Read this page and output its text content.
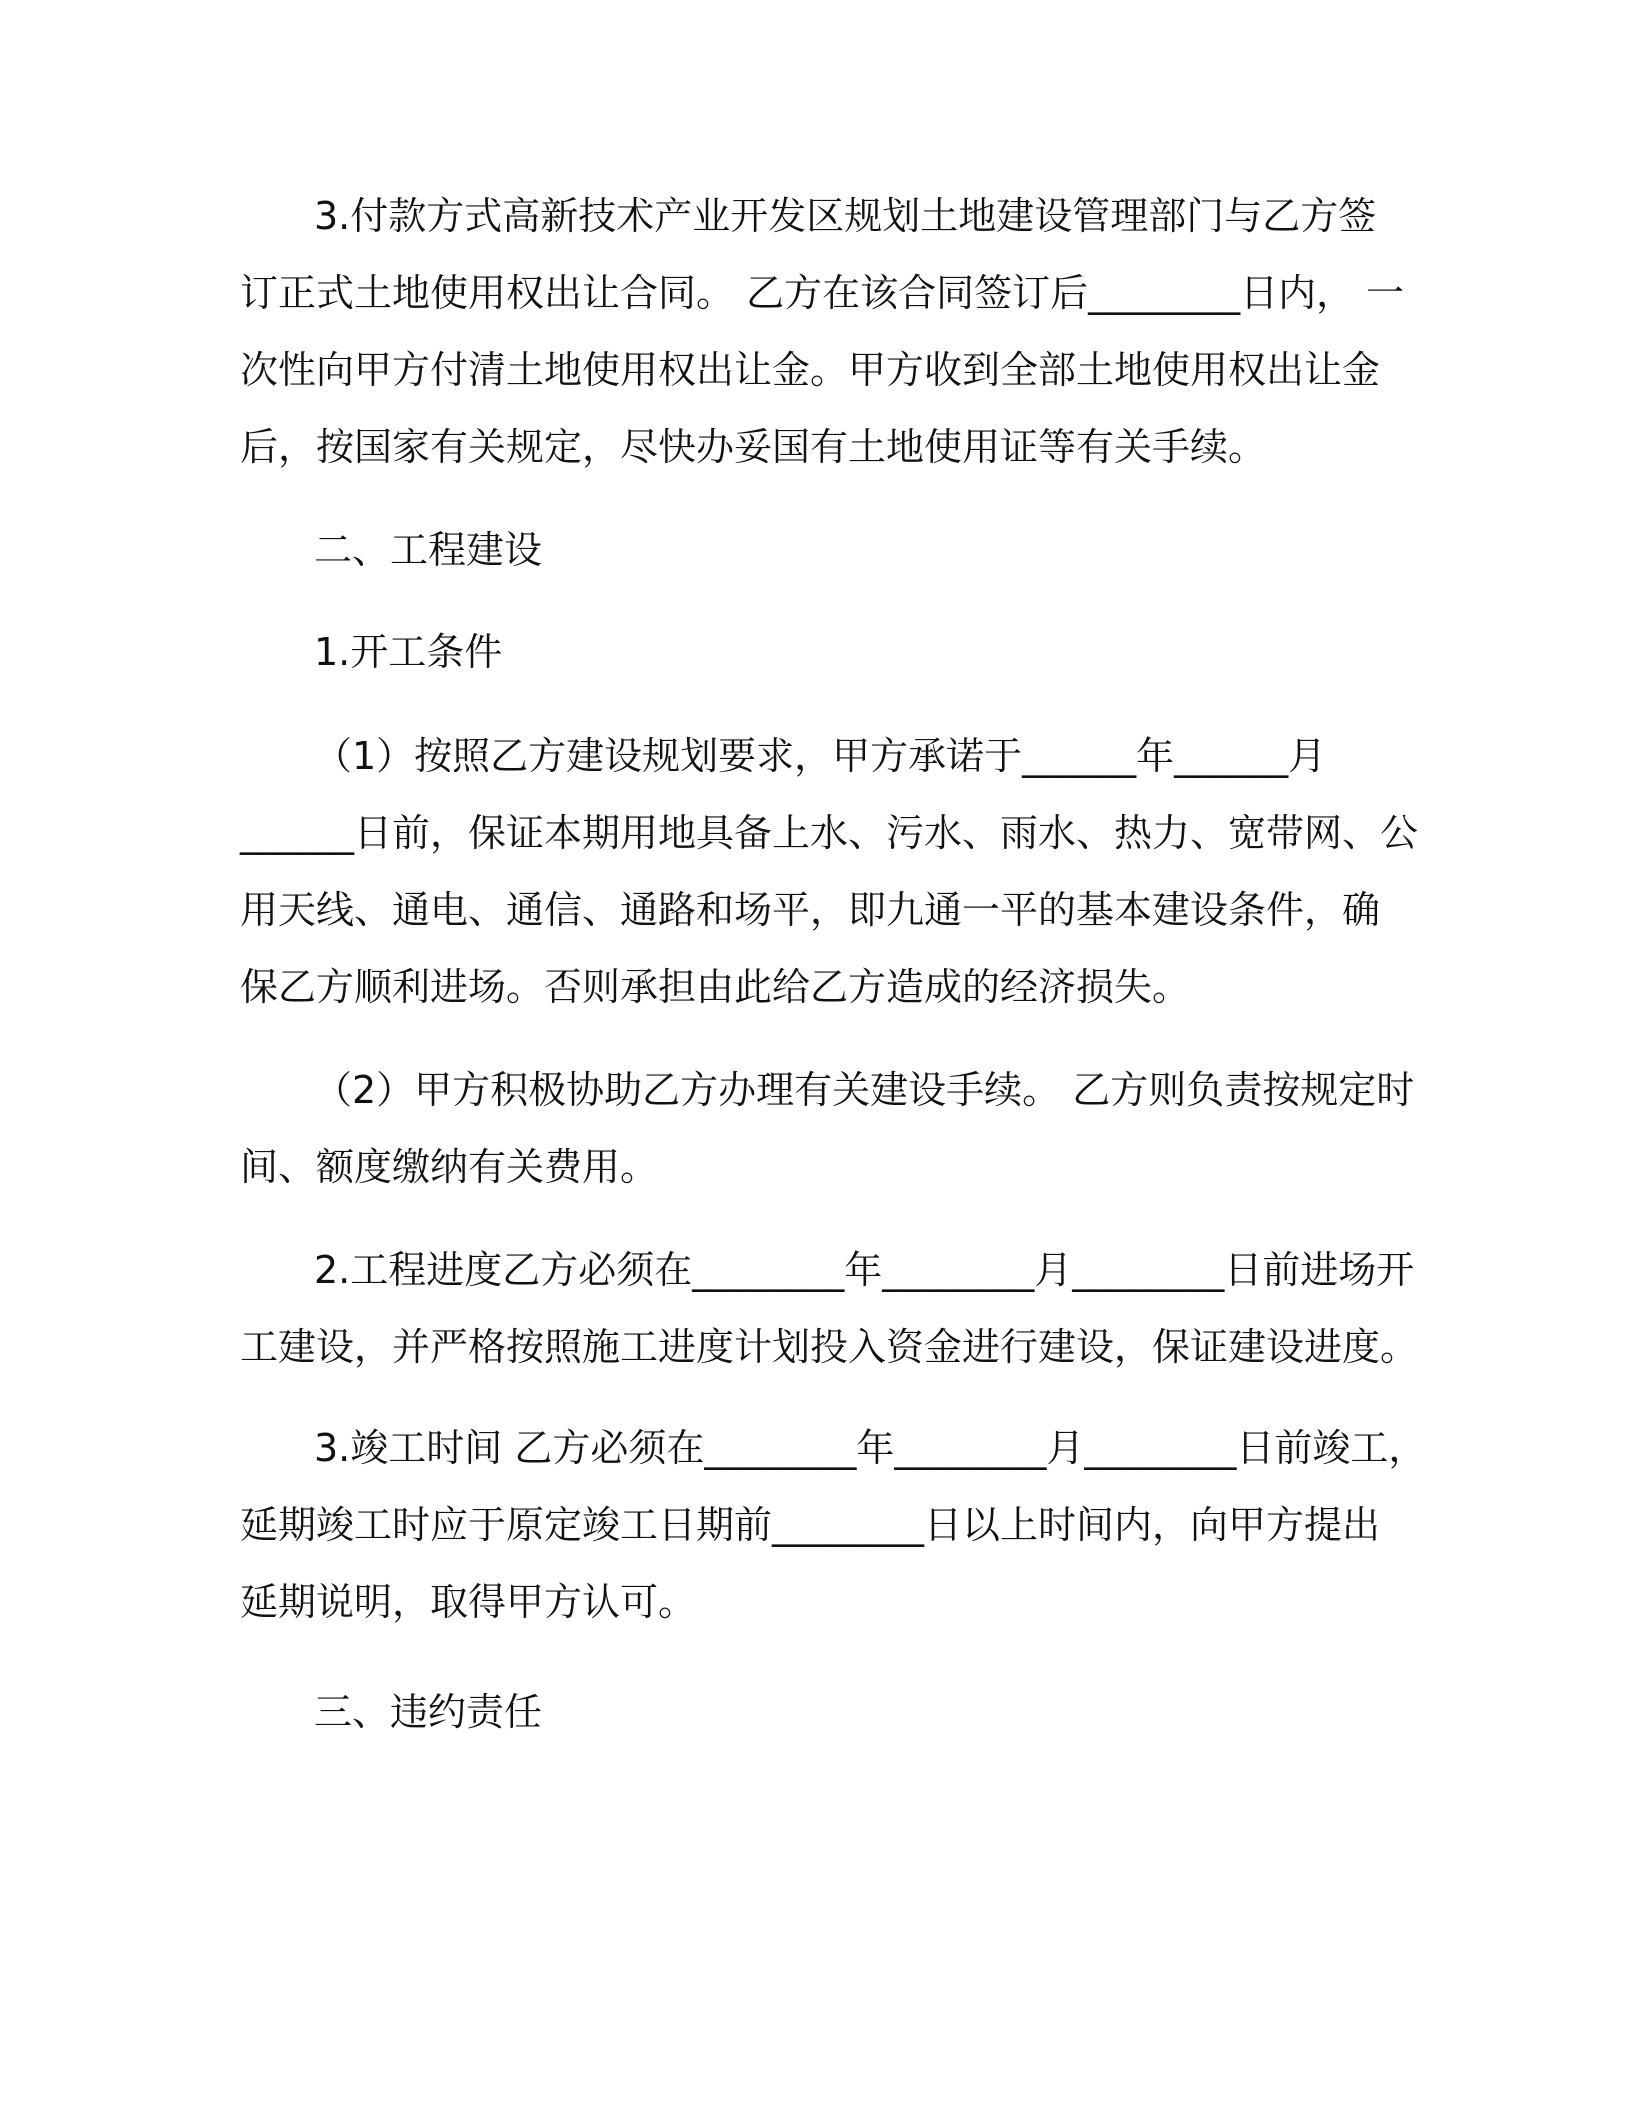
3.付款方式高新技术产业开发区规划土地建设管理部门与乙方签
订正式土地使用权出让合同。 乙方在该合同签订后________日内， 一
次性向甲方付清土地使用权出让金。甲方收到全部土地使用权出让金
后，按国家有关规定，尽快办妥国有土地使用证等有关手续。
二、工程建设
1.开工条件
（1）按照乙方建设规划要求，甲方承诺于______年______月
______日前，保证本期用地具备上水、污水、雨水、热力、宽带网、公
用天线、通电、通信、通路和场平，即九通一平的基本建设条件，确
保乙方顺利进场。否则承担由此给乙方造成的经济损失。
（2）甲方积极协助乙方办理有关建设手续。 乙方则负责按规定时
间、额度缴纳有关费用。
2.工程进度乙方必须在________年________月________日前进场开
工建设，并严格按照施工进度计划投入资金进行建设，保证建设进度。
3.竣工时间 乙方必须在________年________月________日前竣工，
延期竣工时应于原定竣工日期前________日以上时间内，向甲方提出
延期说明，取得甲方认可。
三、违约责任
